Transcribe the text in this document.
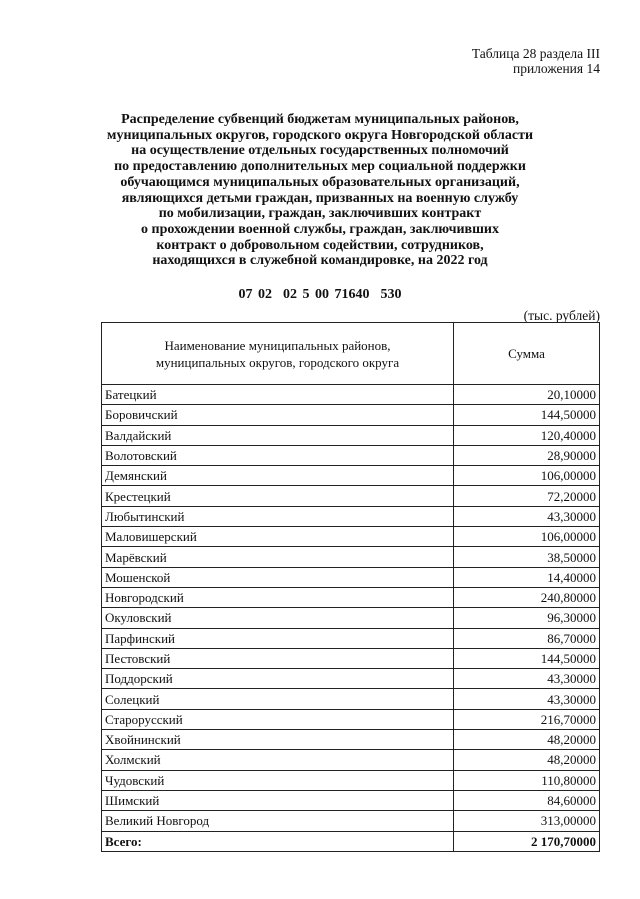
Таблица 28 раздела III
приложения 14
Распределение субвенций бюджетам муниципальных районов,
муниципальных округов, городского округа Новгородской области
на осуществление отдельных государственных полномочий
по предоставлению дополнительных мер социальной поддержки
обучающимся муниципальных образовательных организаций,
являющихся детьми граждан, призванных на военную службу
по мобилизации, граждан, заключивших контракт
о прохождении военной службы, граждан, заключивших
контракт о добровольном содействии, сотрудников,
находящихся в служебной командировке, на 2022 год
07 02  02 5 00 71640  530
(тыс. рублей)
Наименование муниципальных районов,
муниципальных округов, городского округа	Сумма
Батецкий	20,10000
Боровичский	144,50000
Валдайский	120,40000
Волотовский	28,90000
Демянский	106,00000
Крестецкий	72,20000
Любытинский	43,30000
Маловишерский	106,00000
Марёвский	38,50000
Мошенской	14,40000
Новгородский	240,80000
Окуловский	96,30000
Парфинский	86,70000
Пестовский	144,50000
Поддорский	43,30000
Солецкий	43,30000
Старорусский	216,70000
Хвойнинский	48,20000
Холмский	48,20000
Чудовский	110,80000
Шимский	84,60000
Великий Новгород	313,00000
Всего:	2 170,70000
